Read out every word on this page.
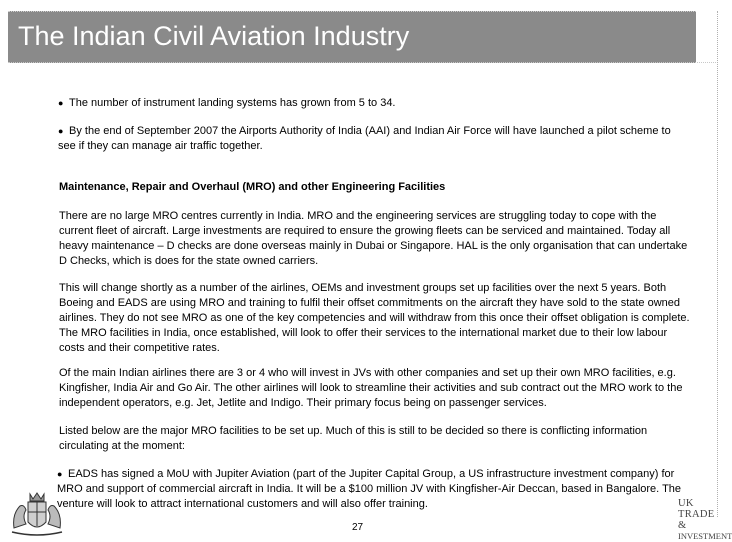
The Indian Civil Aviation Industry
● The number of instrument landing systems has grown from 5 to 34.
● By the end of September 2007 the Airports Authority of India (AAI) and Indian Air Force will have launched a pilot scheme to see if they can manage air traffic together.

Maintenance, Repair and Overhaul (MRO) and other Engineering Facilities

There are no large MRO centres currently in India. MRO and the engineering services are struggling today to cope with the current fleet of aircraft. Large investments are required to ensure the growing fleets can be serviced and maintained. Today all heavy maintenance – D checks are done overseas mainly in Dubai or Singapore. HAL is the only organisation that can undertake D Checks, which is does for the state owned carriers.

This will change shortly as a number of the airlines, OEMs and investment groups set up facilities over the next 5 years. Both Boeing and EADS are using MRO and training to fulfil their offset commitments on the aircraft they have sold to the state owned airlines. They do not see MRO as one of the key competencies and will withdraw from this once their offset obligation is complete. The MRO facilities in India, once established, will look to offer their services to the international market due to their low labour costs and their competitive rates.

Of the main Indian airlines there are 3 or 4 who will invest in JVs with other companies and set up their own MRO facilities, e.g. Kingfisher, India Air and Go Air. The other airlines will look to streamline their activities and sub contract out the MRO work to the independent operators, e.g. Jet, Jetlite and Indigo. Their primary focus being on passenger services.

Listed below are the major MRO facilities to be set up. Much of this is still to be decided so there is conflicting information circulating at the moment:

● EADS has signed a MoU with Jupiter Aviation (part of the Jupiter Capital Group, a US infrastructure investment company) for MRO and support of commercial aircraft in India. It will be a $100 million JV with Kingfisher-Air Deccan, based in Bangalore. The venture will look to attract international customers and will also offer training.	UK
TRADE
&
INVESTMENT
27
